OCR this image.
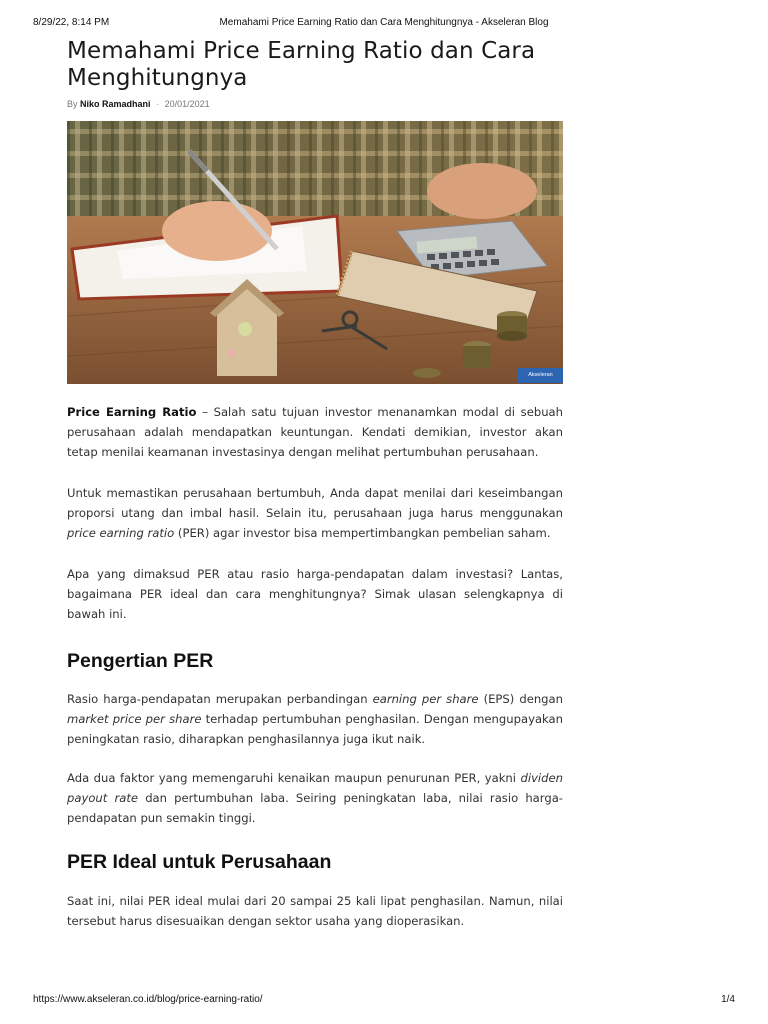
8/29/22, 8:14 PM	Memahami Price Earning Ratio dan Cara Menghitungnya - Akseleran Blog
Memahami Price Earning Ratio dan Cara Menghitungnya
By Niko Ramadhani - 20/01/2021
Akseleran

Price Earning Ratio – Salah satu tujuan investor menanamkan modal di sebuah perusahaan adalah mendapatkan keuntungan. Kendati demikian, investor akan tetap menilai keamanan investasinya dengan melihat pertumbuhan perusahaan.

Untuk memastikan perusahaan bertumbuh, Anda dapat menilai dari keseimbangan proporsi utang dan imbal hasil. Selain itu, perusahaan juga harus menggunakan price earning ratio (PER) agar investor bisa mempertimbangkan pembelian saham.

Apa yang dimaksud PER atau rasio harga-pendapatan dalam investasi? Lantas, bagaimana PER ideal dan cara menghitungnya? Simak ulasan selengkapnya di bawah ini.

Pengertian PER

Rasio harga-pendapatan merupakan perbandingan earning per share (EPS) dengan market price per share terhadap pertumbuhan penghasilan. Dengan mengupayakan peningkatan rasio, diharapkan penghasilannya juga ikut naik.

Ada dua faktor yang memengaruhi kenaikan maupun penurunan PER, yakni dividen payout rate dan pertumbuhan laba. Seiring peningkatan laba, nilai rasio harga-pendapatan pun semakin tinggi.

PER Ideal untuk Perusahaan

Saat ini, nilai PER ideal mulai dari 20 sampai 25 kali lipat penghasilan. Namun, nilai tersebut harus disesuaikan dengan sektor usaha yang dioperasikan.

https://www.akseleran.co.id/blog/price-earning-ratio/	1/4
